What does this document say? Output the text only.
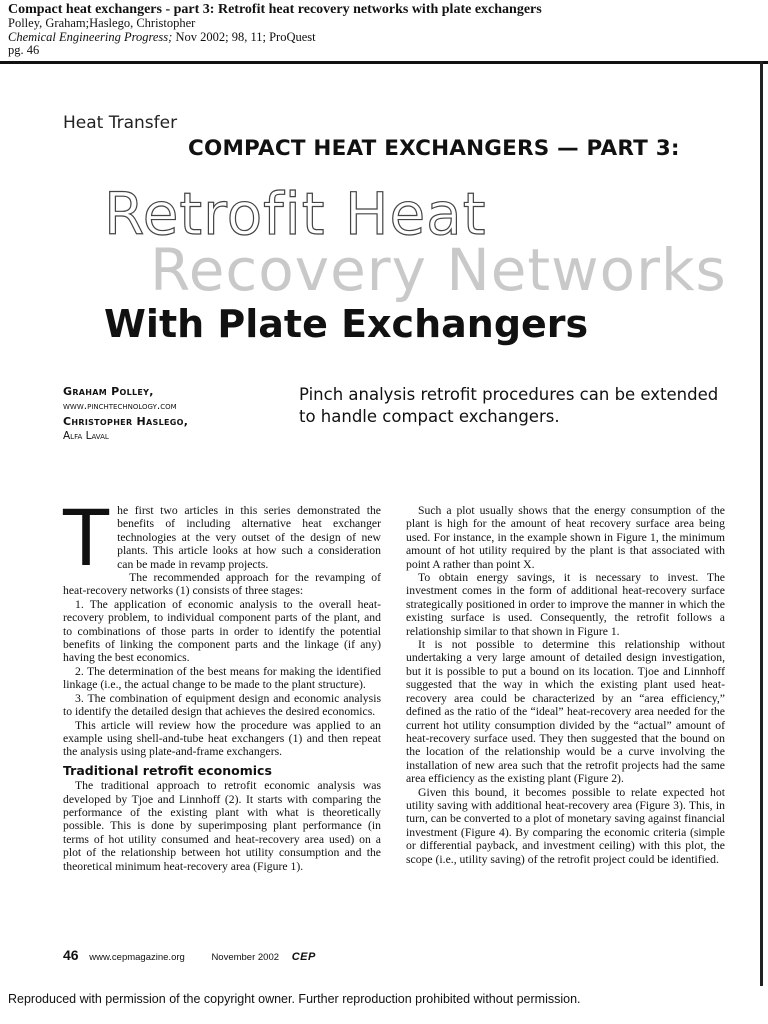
Compact heat exchangers - part 3: Retrofit heat recovery networks with plate exchangers
Polley, Graham;Haslego, Christopher
Chemical Engineering Progress; Nov 2002; 98, 11; ProQuest
pg. 46
Heat Transfer
COMPACT HEAT EXCHANGERS — PART 3:
Retrofit Heat
Recovery Networks
With Plate Exchangers
Graham Polley,
www.pinchtechnology.com
Christopher Haslego,
Alfa Laval
Pinch analysis retrofit procedures can be extended to handle compact exchangers.
T he first two articles in this series demonstrated the benefits of including alternative heat exchanger technologies at the very outset of the design of new plants. This article looks at how such a consideration can be made in revamp projects.

The recommended approach for the revamping of heat-recovery networks (1) consists of three stages:

1. The application of economic analysis to the overall heat-recovery problem, to individual component parts of the plant, and to combinations of those parts in order to identify the potential benefits of linking the component parts and the linkage (if any) having the best economics.

2. The determination of the best means for making the identified linkage (i.e., the actual change to be made to the plant structure).

3. The combination of equipment design and economic analysis to identify the detailed design that achieves the desired economics.

This article will review how the procedure was applied to an example using shell-and-tube heat exchangers (1) and then repeat the analysis using plate-and-frame exchangers.

Traditional retrofit economics

The traditional approach to retrofit economic analysis was developed by Tjoe and Linnhoff (2). It starts with comparing the performance of the existing plant with what is theoretically possible. This is done by superimposing plant performance (in terms of hot utility consumed and heat-recovery area used) on a plot of the relationship between hot utility consumption and the theoretical minimum heat-recovery area (Figure 1).

Such a plot usually shows that the energy consumption of the plant is high for the amount of heat recovery surface area being used. For instance, in the example shown in Figure 1, the minimum amount of hot utility required by the plant is that associated with point A rather than point X.

To obtain energy savings, it is necessary to invest. The investment comes in the form of additional heat-recovery surface strategically positioned in order to improve the manner in which the existing surface is used. Consequently, the retrofit follows a relationship similar to that shown in Figure 1.

It is not possible to determine this relationship without undertaking a very large amount of detailed design investigation, but it is possible to put a bound on its location. Tjoe and Linnhoff suggested that the way in which the existing plant used heat-recovery area could be characterized by an “area efficiency,” defined as the ratio of the “ideal” heat-recovery area needed for the current hot utility consumption divided by the “actual” amount of heat-recovery surface used. They then suggested that the bound on the location of the relationship would be a curve involving the installation of new area such that the retrofit projects had the same area efficiency as the existing plant (Figure 2).

Given this bound, it becomes possible to relate expected hot utility saving with additional heat-recovery area (Figure 3). This, in turn, can be converted to a plot of monetary saving against financial investment (Figure 4). By comparing the economic criteria (simple or differential payback, and investment ceiling) with this plot, the scope (i.e., utility saving) of the retrofit project could be identified.

46 www.cepmagazine.org	November 2002 CEP
Reproduced with permission of the copyright owner. Further reproduction prohibited without permission.
